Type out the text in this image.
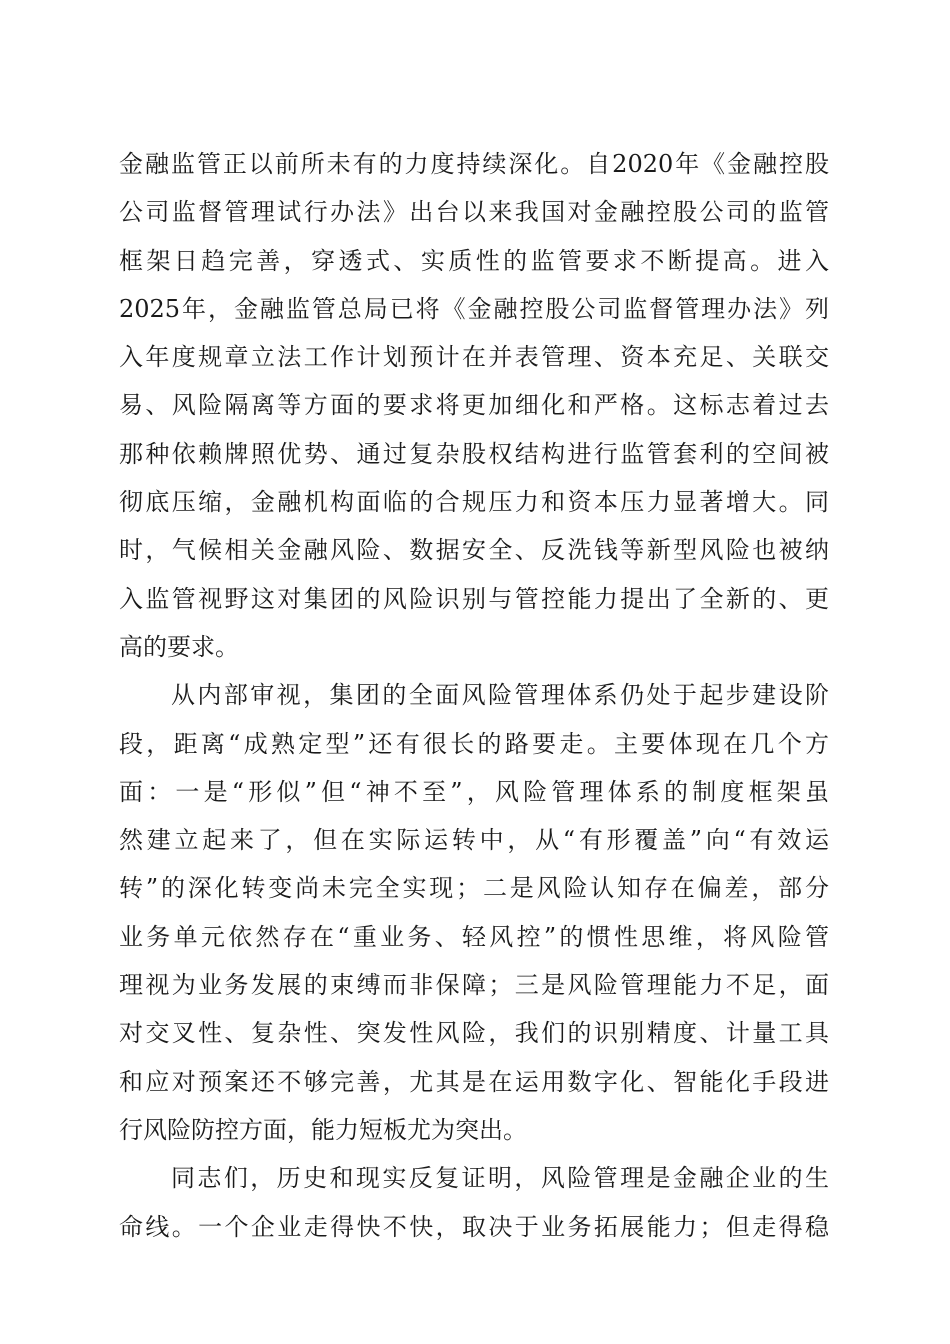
金融监管正以前所未有的力度持续深化。自2020年《金融控股
公司监督管理试行办法》出台以来我国对金融控股公司的监管
框架日趋完善，穿透式、实质性的监管要求不断提高。进入
2025年，金融监管总局已将《金融控股公司监督管理办法》列
入年度规章立法工作计划预计在并表管理、资本充足、关联交
易、风险隔离等方面的要求将更加细化和严格。这标志着过去
那种依赖牌照优势、通过复杂股权结构进行监管套利的空间被
彻底压缩，金融机构面临的合规压力和资本压力显著增大。同
时，气候相关金融风险、数据安全、反洗钱等新型风险也被纳
入监管视野这对集团的风险识别与管控能力提出了全新的、更
高的要求。
从内部审视，集团的全面风险管理体系仍处于起步建设阶
段，距离“成熟定型”还有很长的路要走。主要体现在几个方
面：一是“形似”但“神不至”，风险管理体系的制度框架虽
然建立起来了，但在实际运转中，从“有形覆盖”向“有效运
转”的深化转变尚未完全实现；二是风险认知存在偏差，部分
业务单元依然存在“重业务、轻风控”的惯性思维，将风险管
理视为业务发展的束缚而非保障；三是风险管理能力不足，面
对交叉性、复杂性、突发性风险，我们的识别精度、计量工具
和应对预案还不够完善，尤其是在运用数字化、智能化手段进
行风险防控方面，能力短板尤为突出。
同志们，历史和现实反复证明，风险管理是金融企业的生
命线。一个企业走得快不快，取决于业务拓展能力；但走得稳
